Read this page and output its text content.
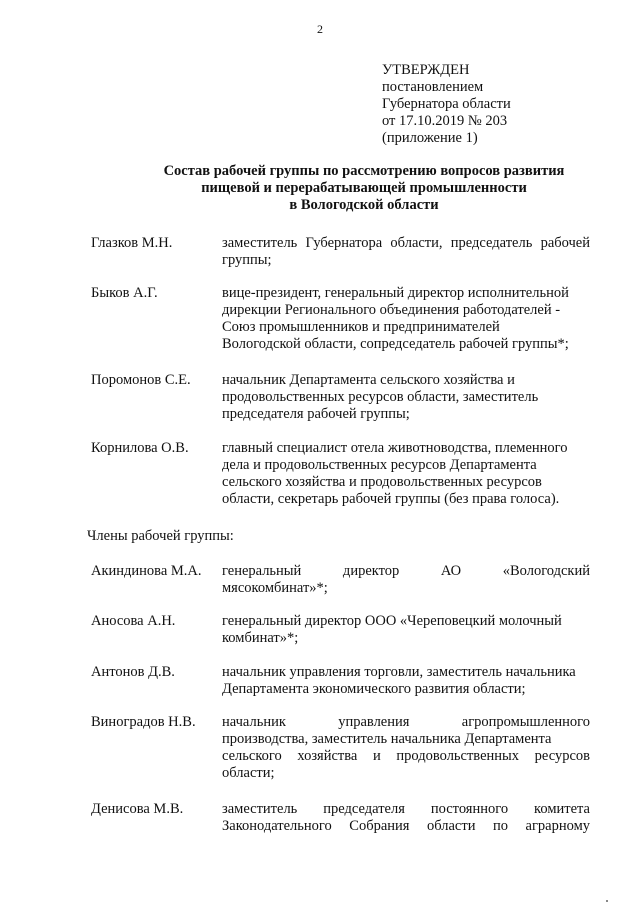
2
УТВЕРЖДЕН
постановлением
Губернатора области
от 17.10.2019 № 203
(приложение 1)
Состав рабочей группы по рассмотрению вопросов развития
пищевой и перерабатывающей промышленности
в Вологодской области
Глазков М.Н.	заместитель Губернатора области, председатель рабочей
группы;
Быков А.Г.	вице-президент, генеральный директор исполнительной
дирекции Регионального объединения работодателей -
Союз промышленников и предпринимателей
Вологодской области, сопредседатель рабочей группы*;
Поромонов С.Е. начальник Департамента сельского хозяйства и
продовольственных ресурсов области, заместитель
председателя рабочей группы;
Корнилова О.В. главный специалист отела животноводства, племенного
дела и продовольственных ресурсов Департамента
сельского хозяйства и продовольственных ресурсов
области, секретарь рабочей группы (без права голоса).
Члены рабочей группы:
Акиндинова М.А. генеральный директор АО «Вологодский
мясокомбинат»*;
Аносова А.Н.	генеральный директор ООО «Череповецкий молочный
комбинат»*;
Антонов Д.В.	начальник управления торговли, заместитель начальника
Департамента экономического развития области;
Виноградов Н.В. начальник управления агропромышленного
производства, заместитель начальника Департамента
сельского хозяйства и продовольственных ресурсов
области;
Денисова М.В.	заместитель председателя постоянного комитета
Законодательного Собрания области по аграрному
